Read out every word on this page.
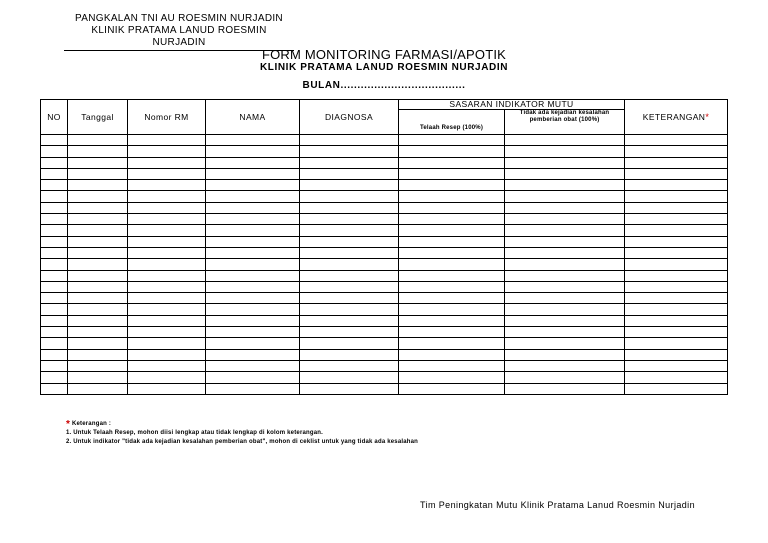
PANGKALAN TNI AU ROESMIN NURJADIN
KLINIK PRATAMA LANUD ROESMIN NURJADIN
FORM MONITORING FARMASI/APOTIK
KLINIK PRATAMA LANUD ROESMIN NURJADIN
BULAN.....................................
NO	Tanggal	Nomor RM	NAMA	DIAGNOSA	SASARAN INDIKATOR MUTU		KETERANGAN*
					Telaah Resep (100%)	Tidak ada kejadian kesalahan pemberian obat (100%)	

* Keterangan :
1. Untuk Telaah Resep, mohon diisi lengkap atau tidak lengkap di kolom keterangan.
2. Untuk indikator "tidak ada kejadian kesalahan pemberian obat", mohon di ceklist untuk yang tidak ada kesalahan
Tim Peningkatan Mutu Klinik Pratama Lanud Roesmin Nurjadin
